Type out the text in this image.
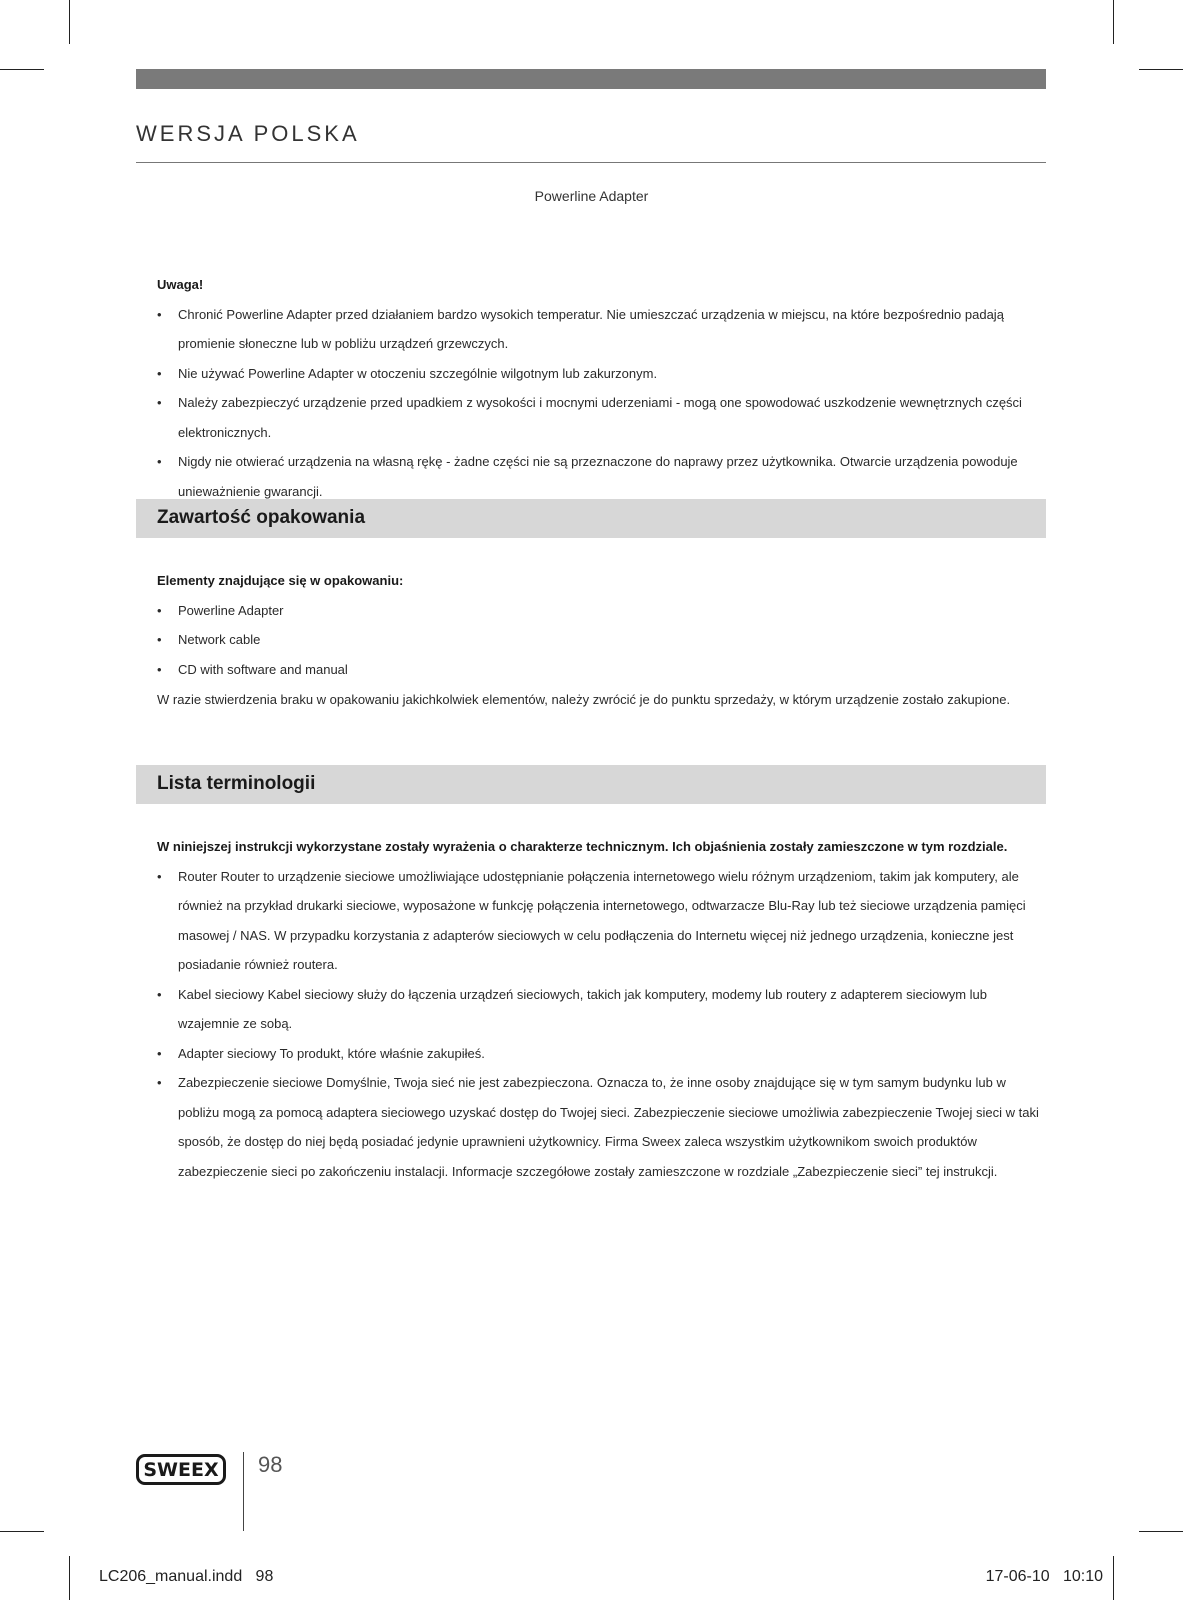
WERSJA POLSKA
Powerline Adapter

Uwaga!

• Chronić Powerline Adapter przed działaniem bardzo wysokich temperatur. Nie umieszczać urządzenia w miejscu, na które bezpośrednio padają promienie słoneczne lub w pobliżu urządzeń grzewczych.
• Nie używać Powerline Adapter w otoczeniu szczególnie wilgotnym lub zakurzonym.
• Należy zabezpieczyć urządzenie przed upadkiem z wysokości i mocnymi uderzeniami - mogą one spowodować uszkodzenie wewnętrznych części elektronicznych.
• Nigdy nie otwierać urządzenia na własną rękę - żadne części nie są przeznaczone do naprawy przez użytkownika. Otwarcie urządzenia powoduje unieważnienie gwarancji.
Zawartość opakowania

Elementy znajdujące się w opakowaniu:

• Powerline Adapter
• Network cable
• CD with software and manual

W razie stwierdzenia braku w opakowaniu jakichkolwiek elementów, należy zwrócić je do punktu sprzedaży, w którym urządzenie zostało zakupione.

Lista terminologii

W niniejszej instrukcji wykorzystane zostały wyrażenia o charakterze technicznym. Ich objaśnienia zostały zamieszczone w tym rozdziale.

• Router Router to urządzenie sieciowe umożliwiające udostępnianie połączenia internetowego wielu różnym urządzeniom, takim jak komputery, ale również na przykład drukarki sieciowe, wyposażone w funkcję połączenia internetowego, odtwarzacze Blu-Ray lub też sieciowe urządzenia pamięci masowej / NAS. W przypadku korzystania z adapterów sieciowych w celu podłączenia do Internetu więcej niż jednego urządzenia, konieczne jest posiadanie również routera.
• Kabel sieciowy Kabel sieciowy służy do łączenia urządzeń sieciowych, takich jak komputery, modemy lub routery z adapterem sieciowym lub wzajemnie ze sobą.
• Adapter sieciowy To produkt, które właśnie zakupiłeś.
• Zabezpieczenie sieciowe Domyślnie, Twoja sieć nie jest zabezpieczona. Oznacza to, że inne osoby znajdujące się w tym samym budynku lub w pobliżu mogą za pomocą adaptera sieciowego uzyskać dostęp do Twojej sieci. Zabezpieczenie sieciowe umożliwia zabezpieczenie Twojej sieci w taki sposób, że dostęp do niej będą posiadać jedynie uprawnieni użytkownicy. Firma Sweex zaleca wszystkim użytkownikom swoich produktów zabezpieczenie sieci po zakończeniu instalacji. Informacje szczegółowe zostały zamieszczone w rozdziale „Zabezpieczenie sieci” tej instrukcji.
SWEEX	98
LC206_manual.indd   98	17-06-10   10:10
